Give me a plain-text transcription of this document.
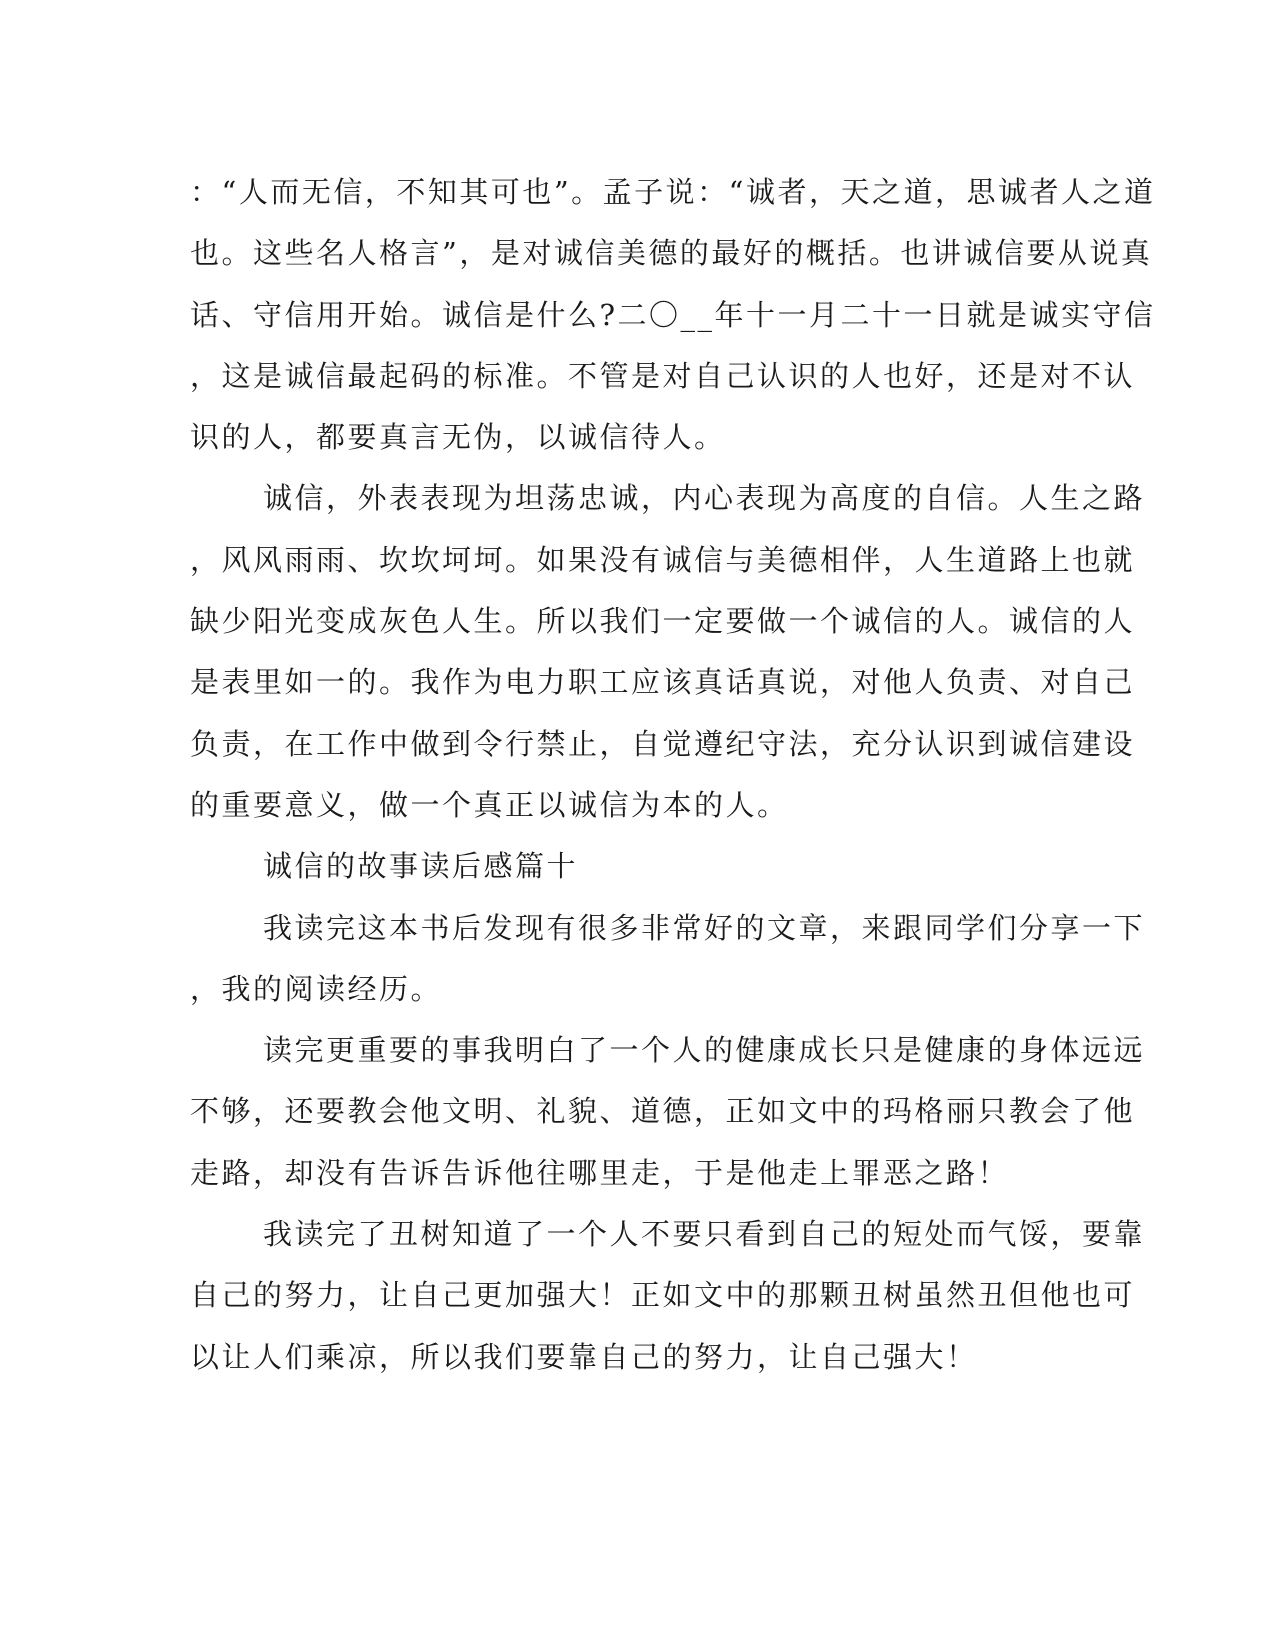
：“人而无信，不知其可也”。孟子说：“诚者，天之道，思诚者人之道
也。这些名人格言”，是对诚信美德的最好的概括。也讲诚信要从说真
话、守信用开始。诚信是什么?二〇__年十一月二十一日就是诚实守信
，这是诚信最起码的标准。不管是对自己认识的人也好，还是对不认
识的人，都要真言无伪，以诚信待人。
诚信，外表表现为坦荡忠诚，内心表现为高度的自信。人生之路
，风风雨雨、坎坎坷坷。如果没有诚信与美德相伴，人生道路上也就
缺少阳光变成灰色人生。所以我们一定要做一个诚信的人。诚信的人
是表里如一的。我作为电力职工应该真话真说，对他人负责、对自己
负责，在工作中做到令行禁止，自觉遵纪守法，充分认识到诚信建设
的重要意义，做一个真正以诚信为本的人。
诚信的故事读后感篇十
我读完这本书后发现有很多非常好的文章，来跟同学们分享一下
，我的阅读经历。
读完更重要的事我明白了一个人的健康成长只是健康的身体远远
不够，还要教会他文明、礼貌、道德，正如文中的玛格丽只教会了他
走路，却没有告诉告诉他往哪里走，于是他走上罪恶之路！
我读完了丑树知道了一个人不要只看到自己的短处而气馁，要靠
自己的努力，让自己更加强大！正如文中的那颗丑树虽然丑但他也可
以让人们乘凉，所以我们要靠自己的努力，让自己强大！
